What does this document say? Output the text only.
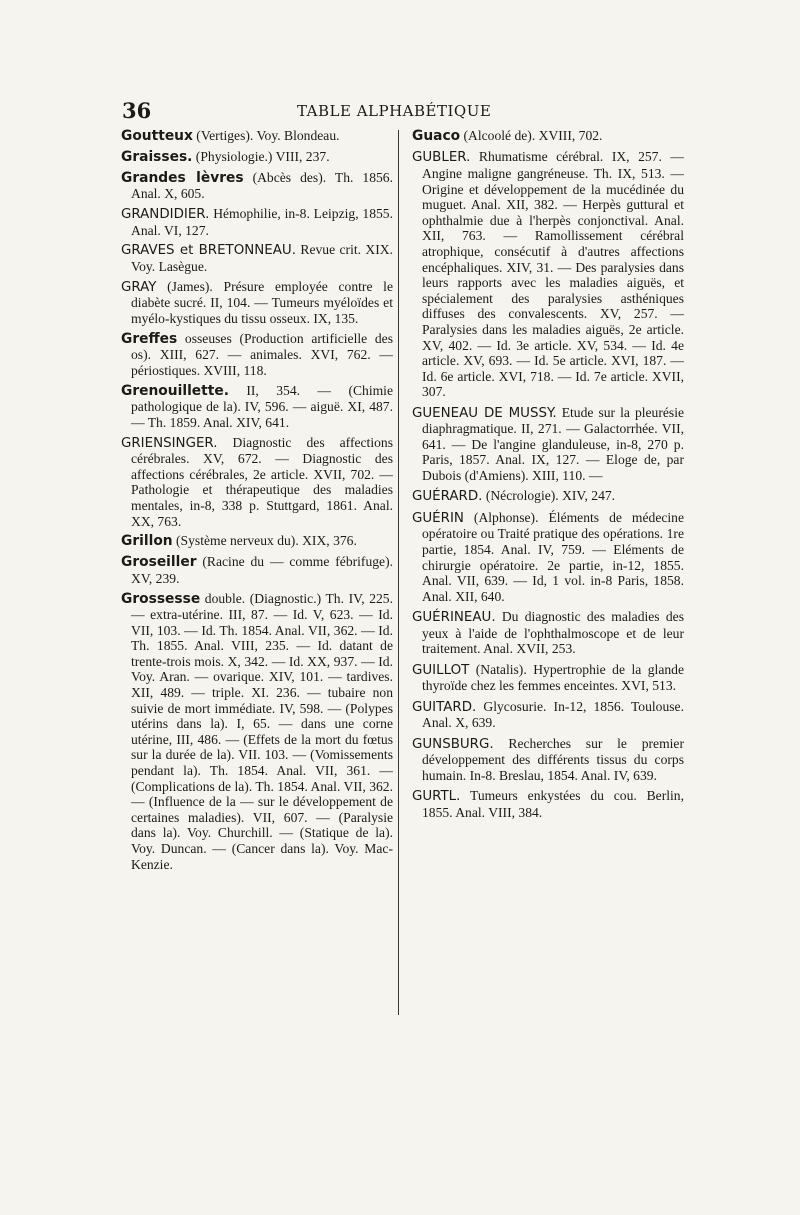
36	TABLE ALPHABÉTIQUE

Goutteux (Vertiges). Voy. Blondeau.

Graisses. (Physiologie.) VIII, 237.

Grandes lèvres (Abcès des). Th. 1856. Anal. X, 605.

GRANDIDIER. Hémophilie, in-8. Leipzig, 1855. Anal. VI, 127.

GRAVES et BRETONNEAU. Revue crit. XIX. Voy. Lasègue.

GRAY (James). Présure employée contre le diabète sucré. II, 104. — Tumeurs myéloïdes et myélo-kystiques du tissu osseux. IX, 135.

Greffes osseuses (Production artificielle des os). XIII, 627. — animales. XVI, 762. — périostiques. XVIII, 118.

Grenouillette. II, 354. — (Chimie pathologique de la). IV, 596. — aiguë. XI, 487. — Th. 1859. Anal. XIV, 641.

GRIENSINGER. Diagnostic des affections cérébrales. XV, 672. — Diagnostic des affections cérébrales, 2e article. XVII, 702. — Pathologie et thérapeutique des maladies mentales, in-8, 338 p. Stuttgard, 1861. Anal. XX, 763.

Grillon (Système nerveux du). XIX, 376.

Groseiller (Racine du — comme fébrifuge). XV, 239.

Grossesse double. (Diagnostic.) Th. IV, 225. — extra-utérine. III, 87. — Id. V, 623. — Id. VII, 103. — Id. Th. 1854. Anal. VII, 362. — Id. Th. 1855. Anal. VIII, 235. — Id. datant de trente-trois mois. X, 342. — Id. XX, 937. — Id. Voy. Aran. — ovarique. XIV, 101. — tardives. XII, 489. — triple. XI. 236. — tubaire non suivie de mort immédiate. IV, 598. — (Polypes utérins dans la). I, 65. — dans une corne utérine, III, 486. — (Effets de la mort du fœtus sur la durée de la). VII. 103. — (Vomissements pendant la). Th. 1854. Anal. VII, 361. — (Complications de la). Th. 1854. Anal. VII, 362. — (Influence de la — sur le développement de certaines maladies). VII, 607. — (Paralysie dans la). Voy. Churchill. — (Statique de la). Voy. Duncan. — (Cancer dans la). Voy. Mac-Kenzie.

Guaco (Alcoolé de). XVIII, 702.

GUBLER. Rhumatisme cérébral. IX, 257. — Angine maligne gangréneuse. Th. IX, 513. — Origine et développement de la mucédinée du muguet. Anal. XII, 382. — Herpès guttural et ophthalmie due à l'herpès conjonctival. Anal. XII, 763. — Ramollissement cérébral atrophique, consécutif à d'autres affections encéphaliques. XIV, 31. — Des paralysies dans leurs rapports avec les maladies aiguës, et spécialement des paralysies asthéniques diffuses des convalescents. XV, 257. — Paralysies dans les maladies aiguës, 2e article. XV, 402. — Id. 3e article. XV, 534. — Id. 4e article. XV, 693. — Id. 5e article. XVI, 187. — Id. 6e article. XVI, 718. — Id. 7e article. XVII, 307.

GUENEAU DE MUSSY. Etude sur la pleurésie diaphragmatique. II, 271. — Galactorrhée. VII, 641. — De l'angine glanduleuse, in-8, 270 p. Paris, 1857. Anal. IX, 127. — Eloge de, par Dubois (d'Amiens). XIII, 110. —

GUÉRARD. (Nécrologie). XIV, 247.

GUÉRIN (Alphonse). Éléments de médecine opératoire ou Traité pratique des opérations. 1re partie, 1854. Anal. IV, 759. — Eléments de chirurgie opératoire. 2e partie, in-12, 1855. Anal. VII, 639. — Id, 1 vol. in-8 Paris, 1858. Anal. XII, 640.

GUÉRINEAU. Du diagnostic des maladies des yeux à l'aide de l'ophthalmoscope et de leur traitement. Anal. XVII, 253.

GUILLOT (Natalis). Hypertrophie de la glande thyroïde chez les femmes enceintes. XVI, 513.

GUITARD. Glycosurie. In-12, 1856. Toulouse. Anal. X, 639.

GUNSBURG. Recherches sur le premier développement des différents tissus du corps humain. In-8. Breslau, 1854. Anal. IV, 639.

GURTL. Tumeurs enkystées du cou. Berlin, 1855. Anal. VIII, 384.
